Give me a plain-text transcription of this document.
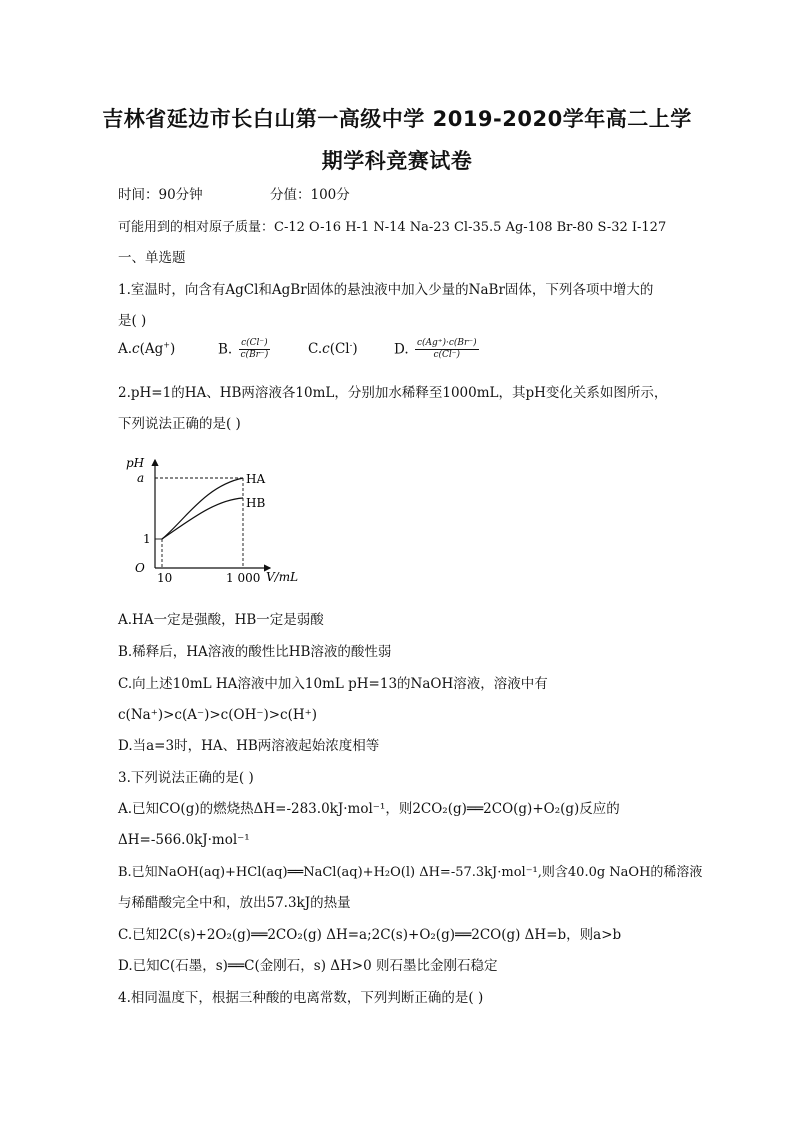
吉林省延边市长白山第一高级中学 2019-2020学年高二上学
期学科竞赛试卷
时间：90分钟	分值：100分
可能用到的相对原子质量：C-12 O-16 H-1 N-14 Na-23 Cl-35.5 Ag-108 Br-80 S-32 I-127
一、单选题
1.室温时，向含有AgCl和AgBr固体的悬浊液中加入少量的NaBr固体，下列各项中增大的
是( )
A.c(Ag+)	B. $\frac{c(Cl^-)}{c(Br^-)}$	C.c(Cl-)	D. $\frac{c(Ag^+)\cdot c(Br^-)}{c(Cl^-)}$
2.pH=1的HA、HB两溶液各10mL，分别加水稀释至1000mL，其pH变化关系如图所示，
下列说法正确的是( )
pH
a
1
O
10	1 000 V/mL
HA
HB
A.HA一定是强酸，HB一定是弱酸
B.稀释后，HA溶液的酸性比HB溶液的酸性弱
C.向上述10mL HA溶液中加入10mL pH=13的NaOH溶液，溶液中有
c(Na⁺)>c(A⁻)>c(OH⁻)>c(H⁺)
D.当a=3时，HA、HB两溶液起始浓度相等
3.下列说法正确的是( )
A.已知CO(g)的燃烧热ΔH=-283.0kJ·mol⁻¹，则2CO₂(g)══2CO(g)+O₂(g)反应的
ΔH=-566.0kJ·mol⁻¹
B.已知NaOH(aq)+HCl(aq)══NaCl(aq)+H₂O(l) ΔH=-57.3kJ·mol⁻¹,则含40.0g NaOH的稀溶液
与稀醋酸完全中和，放出57.3kJ的热量
C.已知2C(s)+2O₂(g)══2CO₂(g) ΔH=a;2C(s)+O₂(g)══2CO(g) ΔH=b，则a>b
D.已知C(石墨，s)══C(金刚石，s) ΔH>0 则石墨比金刚石稳定
4.相同温度下，根据三种酸的电离常数，下列判断正确的是( )
